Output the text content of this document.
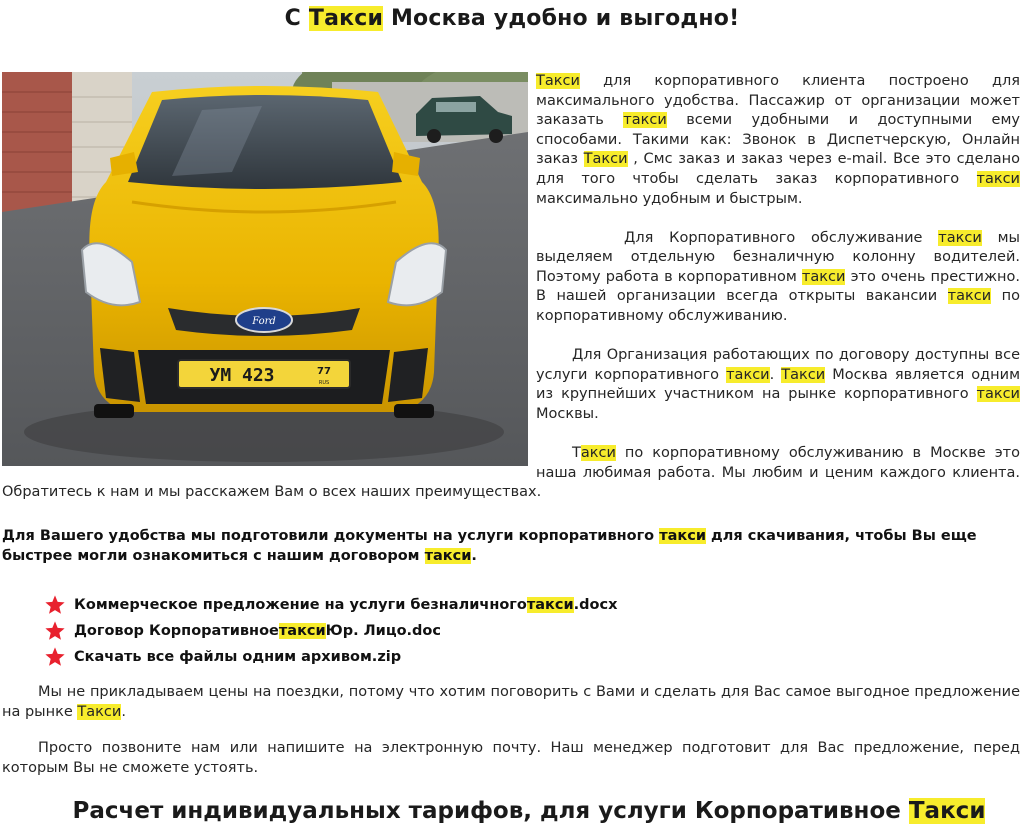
С Такси Москва удобно и выгодно!
Ford
УМ 423	77
RUS

Такси для корпоративного клиента построено для максимального удобства. Пассажир от организации может заказать такси всеми удобными и доступными ему способами. Такими как: Звонок в Диспетчерскую, Онлайн заказ Такси , Смс заказ и заказ через e-mail. Все это сделано для того чтобы сделать заказ корпоративного такси максимально удобным и быстрым.

Для Корпоративного обслуживание такси мы выделяем отдельную безналичную колонну водителей. Поэтому работа в корпоративном такси это очень престижно. В нашей организации всегда открыты вакансии такси по корпоративному обслуживанию.

Для Организация работающих по договору доступны все услуги корпоративного такси. Такси Москва является одним из крупнейших участником на рынке корпоративного такси Москвы.

Такси по корпоративному обслуживанию в Москве это наша любимая работа. Мы любим и ценим каждого клиента. Обратитесь к нам и мы расскажем Вам о всех наших преимуществах.

Для Вашего удобства мы подготовили документы на услуги корпоративного такси для скачивания, чтобы Вы еще быстрее могли ознакомиться с нашим договором такси.

Коммерческое предложение на услуги безналичного такси .docx
Договор Корпоративное такси Юр. Лицо.doc
Скачать все файлы одним архивом.zip

Мы не прикладываем цены на поездки, потому что хотим поговорить с Вами и сделать для Вас самое выгодное предложение на рынке Такси.

Просто позвоните нам или напишите на электронную почту. Наш менеджер подготовит для Вас предложение, перед которым Вы не сможете устоять.

Расчет индивидуальных тарифов, для услуги Корпоративное Такси
